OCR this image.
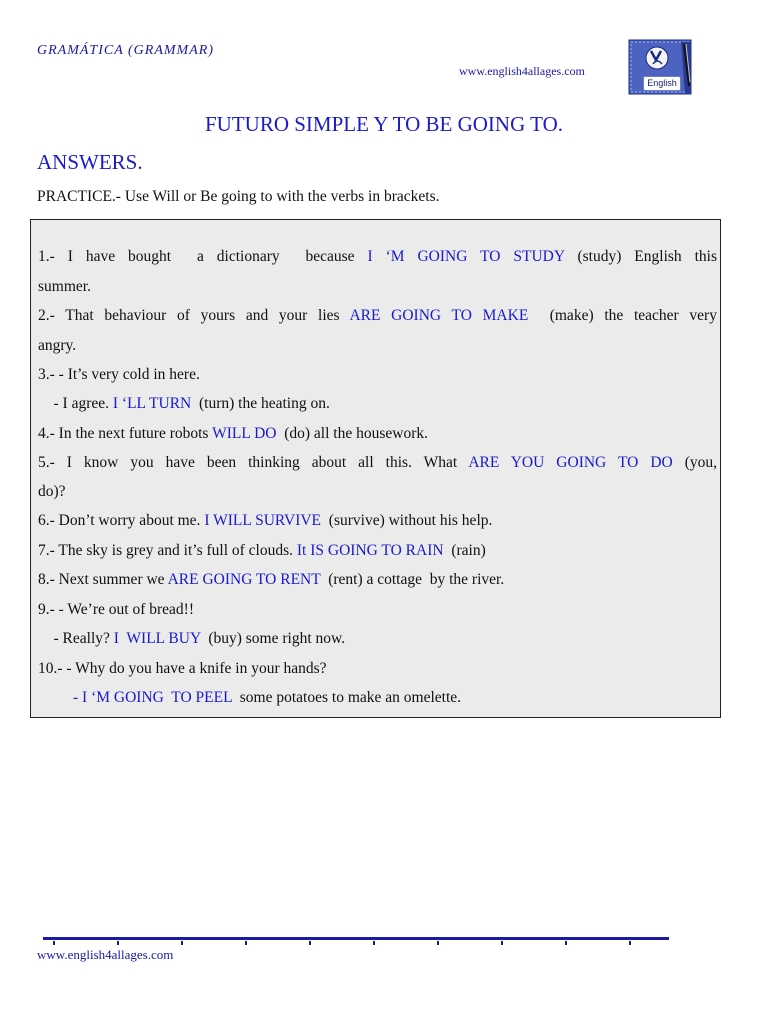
GRAMÁTICA (GRAMMAR)
www.english4allages.com
English
FUTURO SIMPLE Y TO BE GOING TO.
ANSWERS.
PRACTICE.- Use Will or Be going to with the verbs in brackets.
1.- I have bought  a dictionary  because I ‘M GOING TO STUDY (study) English this
summer.
2.- That behaviour of yours and your lies ARE GOING TO MAKE  (make) the teacher very
angry.
3.- - It’s very cold in here.
- I agree. I ‘LL TURN  (turn) the heating on.
4.- In the next future robots WILL DO  (do) all the housework.
5.- I know you have been thinking about all this. What ARE YOU GOING TO DO (you,
do)?
6.- Don’t worry about me. I WILL SURVIVE  (survive) without his help.
7.- The sky is grey and it’s full of clouds. It IS GOING TO RAIN  (rain)
8.- Next summer we ARE GOING TO RENT  (rent) a cottage  by the river.
9.- - We’re out of bread!!
- Really? I  WILL BUY  (buy) some right now.
10.- - Why do you have a knife in your hands?
- I ‘M GOING  TO PEEL  some potatoes to make an omelette.
www.english4allages.com
